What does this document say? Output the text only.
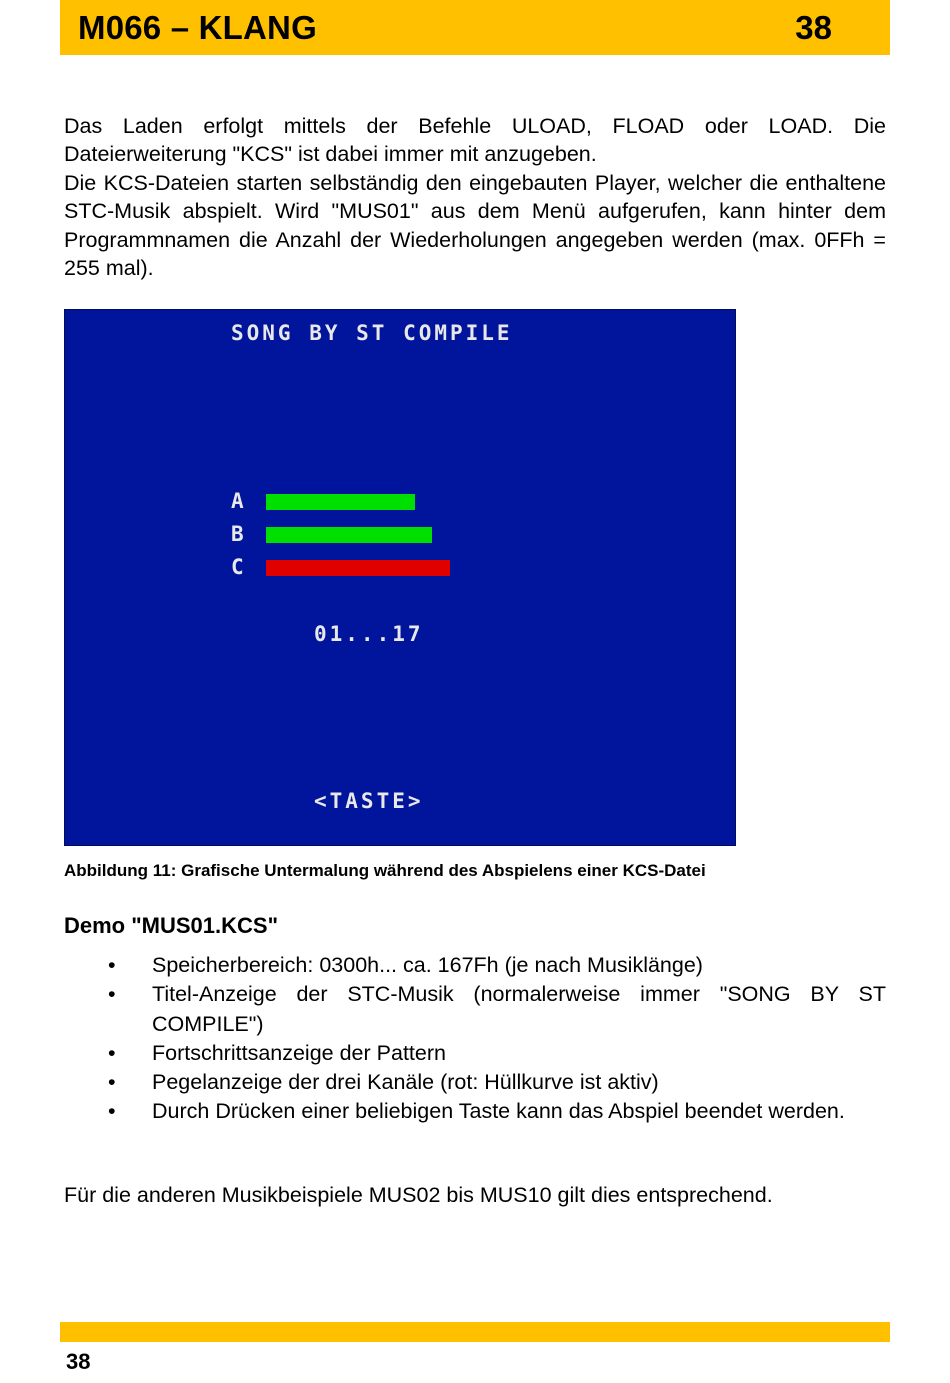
M066 – KLANG	38

Das Laden erfolgt mittels der Befehle ULOAD, FLOAD oder LOAD. Die Dateierweiterung "KCS" ist dabei immer mit anzugeben.

Die KCS-Dateien starten selbständig den eingebauten Player, welcher die enthaltene STC-Musik abspielt. Wird "MUS01" aus dem Menü aufgerufen, kann hinter dem Programmnamen die Anzahl der Wiederholungen angegeben werden (max. 0FFh = 255 mal).

SONG BY ST COMPILE
A
B
C
01...17
<TASTE>
Abbildung 11: Grafische Untermalung während des Abspielens einer KCS-Datei
Demo "MUS01.KCS"
• Speicherbereich: 0300h... ca. 167Fh (je nach Musiklänge)
• Titel-Anzeige der STC-Musik (normalerweise immer "SONG BY ST COMPILE")
• Fortschrittsanzeige der Pattern
• Pegelanzeige der drei Kanäle (rot: Hüllkurve ist aktiv)
• Durch Drücken einer beliebigen Taste kann das Abspiel beendet werden.
Für die anderen Musikbeispiele MUS02 bis MUS10 gilt dies entsprechend.
38
